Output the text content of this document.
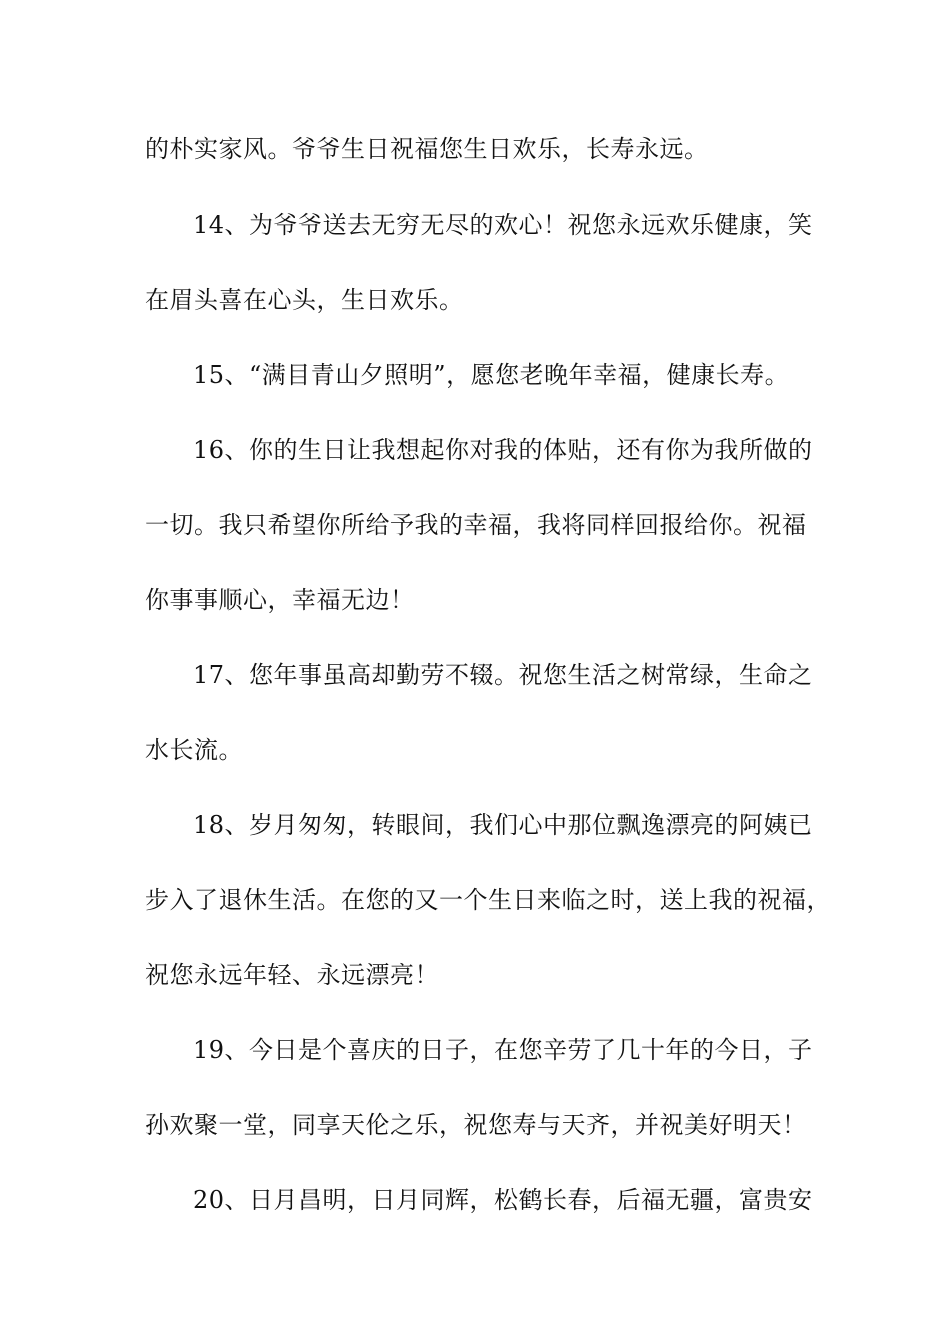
的朴实家风。爷爷生日祝福您生日欢乐，长寿永远。
14、为爷爷送去无穷无尽的欢心！祝您永远欢乐健康，笑
在眉头喜在心头，生日欢乐。
15、“满目青山夕照明”，愿您老晚年幸福，健康长寿。
16、你的生日让我想起你对我的体贴，还有你为我所做的
一切。我只希望你所给予我的幸福，我将同样回报给你。祝福
你事事顺心，幸福无边！
17、您年事虽高却勤劳不辍。祝您生活之树常绿，生命之
水长流。
18、岁月匆匆，转眼间，我们心中那位飘逸漂亮的阿姨已
步入了退休生活。在您的又一个生日来临之时，送上我的祝福，
祝您永远年轻、永远漂亮！
19、今日是个喜庆的日子，在您辛劳了几十年的今日，子
孙欢聚一堂，同享天伦之乐，祝您寿与天齐，并祝美好明天！
20、日月昌明，日月同辉，松鹤长春，后福无疆，富贵安
